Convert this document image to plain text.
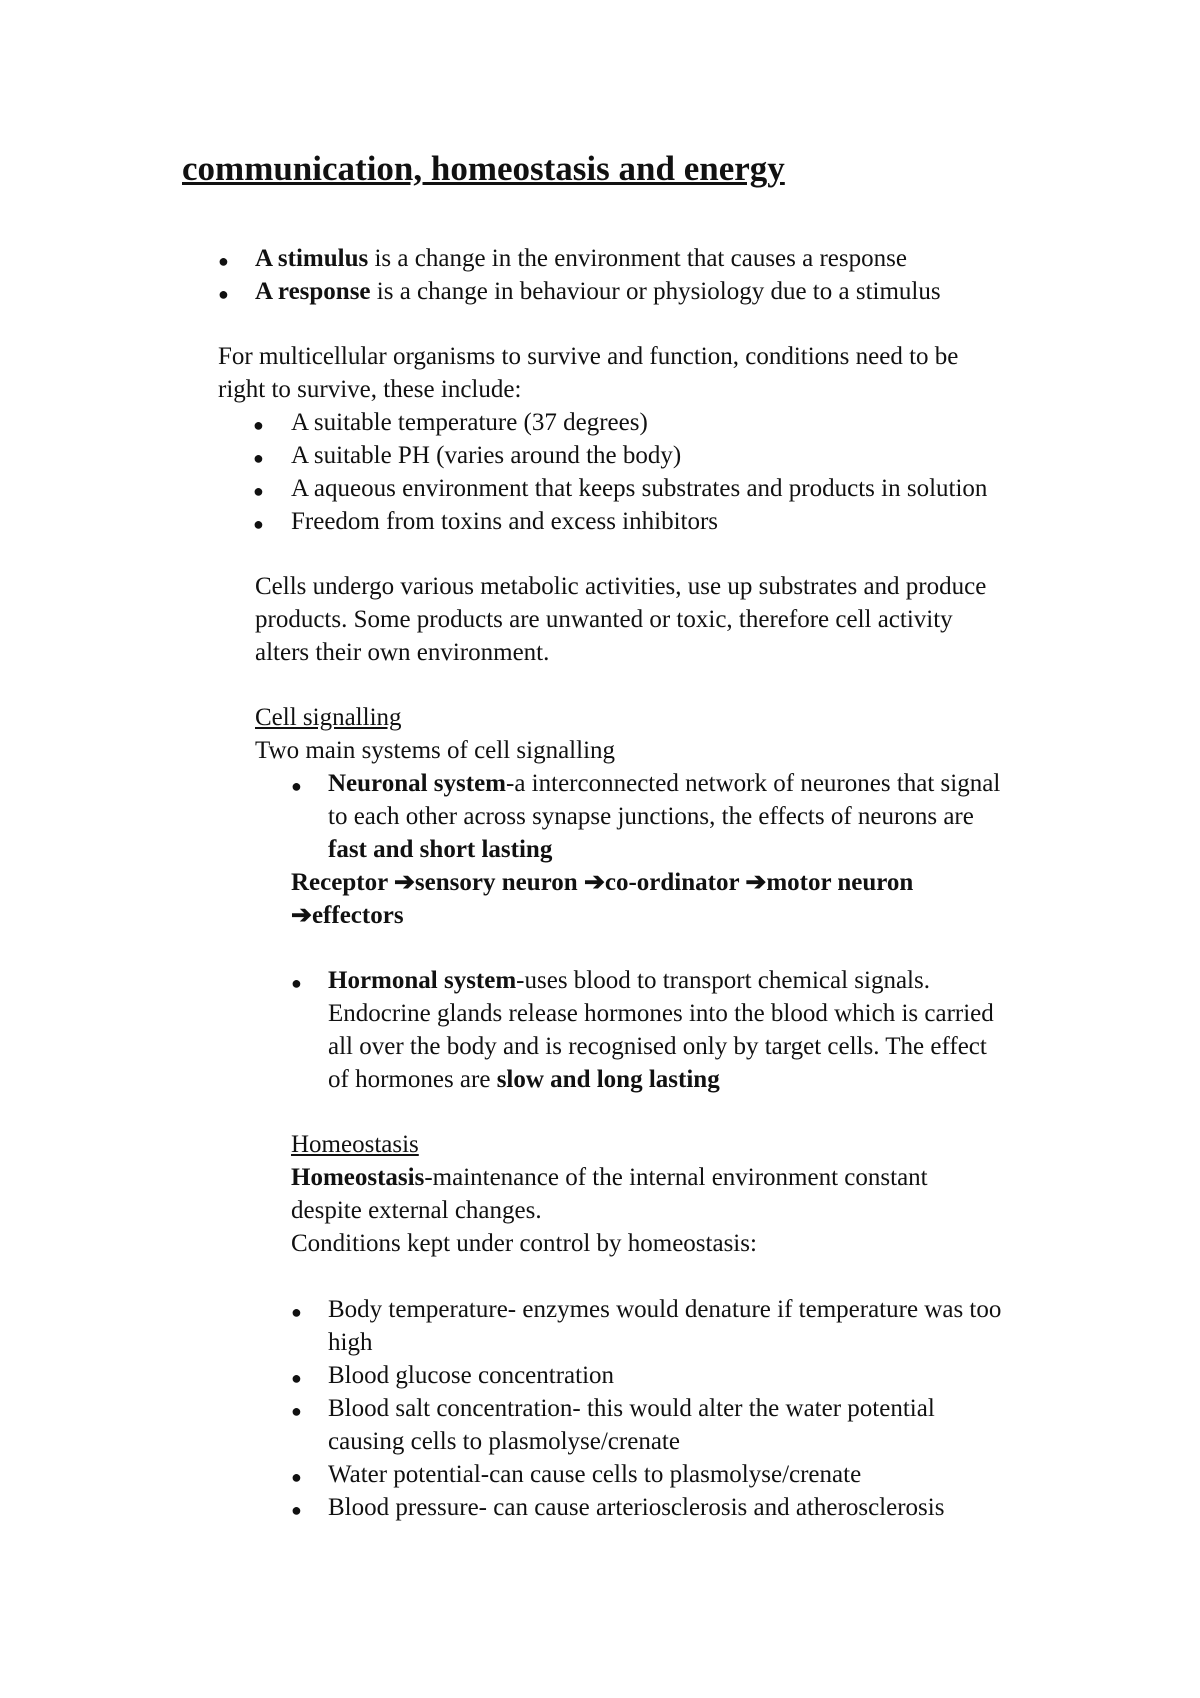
communication, homeostasis and energy
● A stimulus is a change in the environment that causes a response
● A response is a change in behaviour or physiology due to a stimulus
For multicellular organisms to survive and function, conditions need to be
right to survive, these include:
● A suitable temperature (37 degrees)
● A suitable PH (varies around the body)
● A aqueous environment that keeps substrates and products in solution
● Freedom from toxins and excess inhibitors
Cells undergo various metabolic activities, use up substrates and produce
products. Some products are unwanted or toxic, therefore cell activity
alters their own environment.
Cell signalling
Two main systems of cell signalling
● Neuronal system-a interconnected network of neurones that signal
to each other across synapse junctions, the effects of neurons are
fast and short lasting
Receptor ➔sensory neuron ➔co-ordinator ➔motor neuron
➔effectors
● Hormonal system-uses blood to transport chemical signals.
Endocrine glands release hormones into the blood which is carried
all over the body and is recognised only by target cells. The effect
of hormones are slow and long lasting
Homeostasis
Homeostasis-maintenance of the internal environment constant
despite external changes.
Conditions kept under control by homeostasis:
● Body temperature- enzymes would denature if temperature was too
high
● Blood glucose concentration
● Blood salt concentration- this would alter the water potential
causing cells to plasmolyse/crenate
● Water potential-can cause cells to plasmolyse/crenate
● Blood pressure- can cause arteriosclerosis and atherosclerosis
